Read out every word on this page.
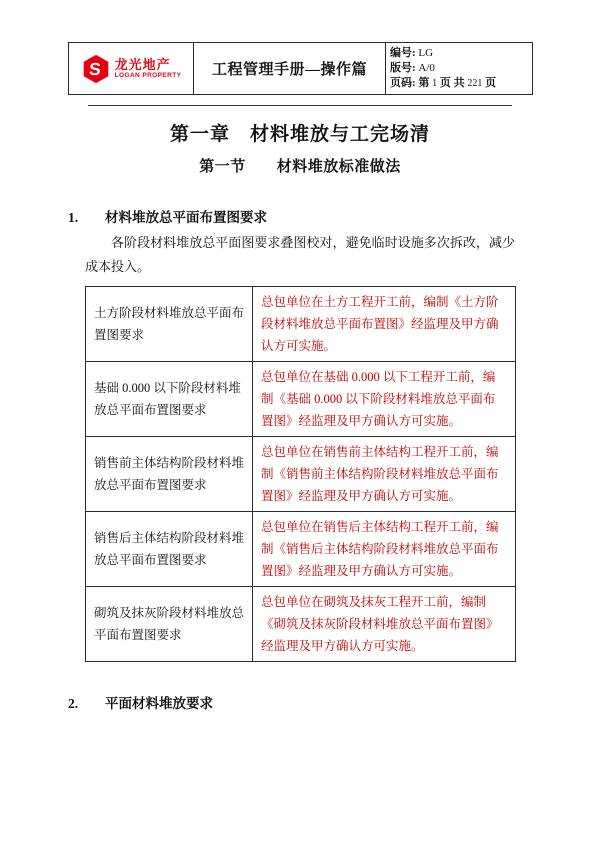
S 龙光地产
LOGAN PROPERTY	工程管理手册—操作篇	
编号: LG
版号: A/0
页码: 第 1 页 共 221 页
第一章　材料堆放与工完场清
第一节　　材料堆放标准做法
1.	材料堆放总平面布置图要求

各阶段材料堆放总平面图要求叠图校对，避免临时设施多次拆改，减少成本投入。

土方阶段材料堆放总平面布置图要求	总包单位在土方工程开工前，编制《土方阶段材料堆放总平面布置图》经监理及甲方确认方可实施。
基础 0.000 以下阶段材料堆放总平面布置图要求	总包单位在基础 0.000 以下工程开工前，编制《基础 0.000 以下阶段材料堆放总平面布置图》经监理及甲方确认方可实施。
销售前主体结构阶段材料堆放总平面布置图要求	总包单位在销售前主体结构工程开工前，编制《销售前主体结构阶段材料堆放总平面布置图》经监理及甲方确认方可实施。
销售后主体结构阶段材料堆放总平面布置图要求	总包单位在销售后主体结构工程开工前，编制《销售后主体结构阶段材料堆放总平面布置图》经监理及甲方确认方可实施。
砌筑及抹灰阶段材料堆放总平面布置图要求	总包单位在砌筑及抹灰工程开工前，编制《砌筑及抹灰阶段材料堆放总平面布置图》经监理及甲方确认方可实施。
2.	平面材料堆放要求
